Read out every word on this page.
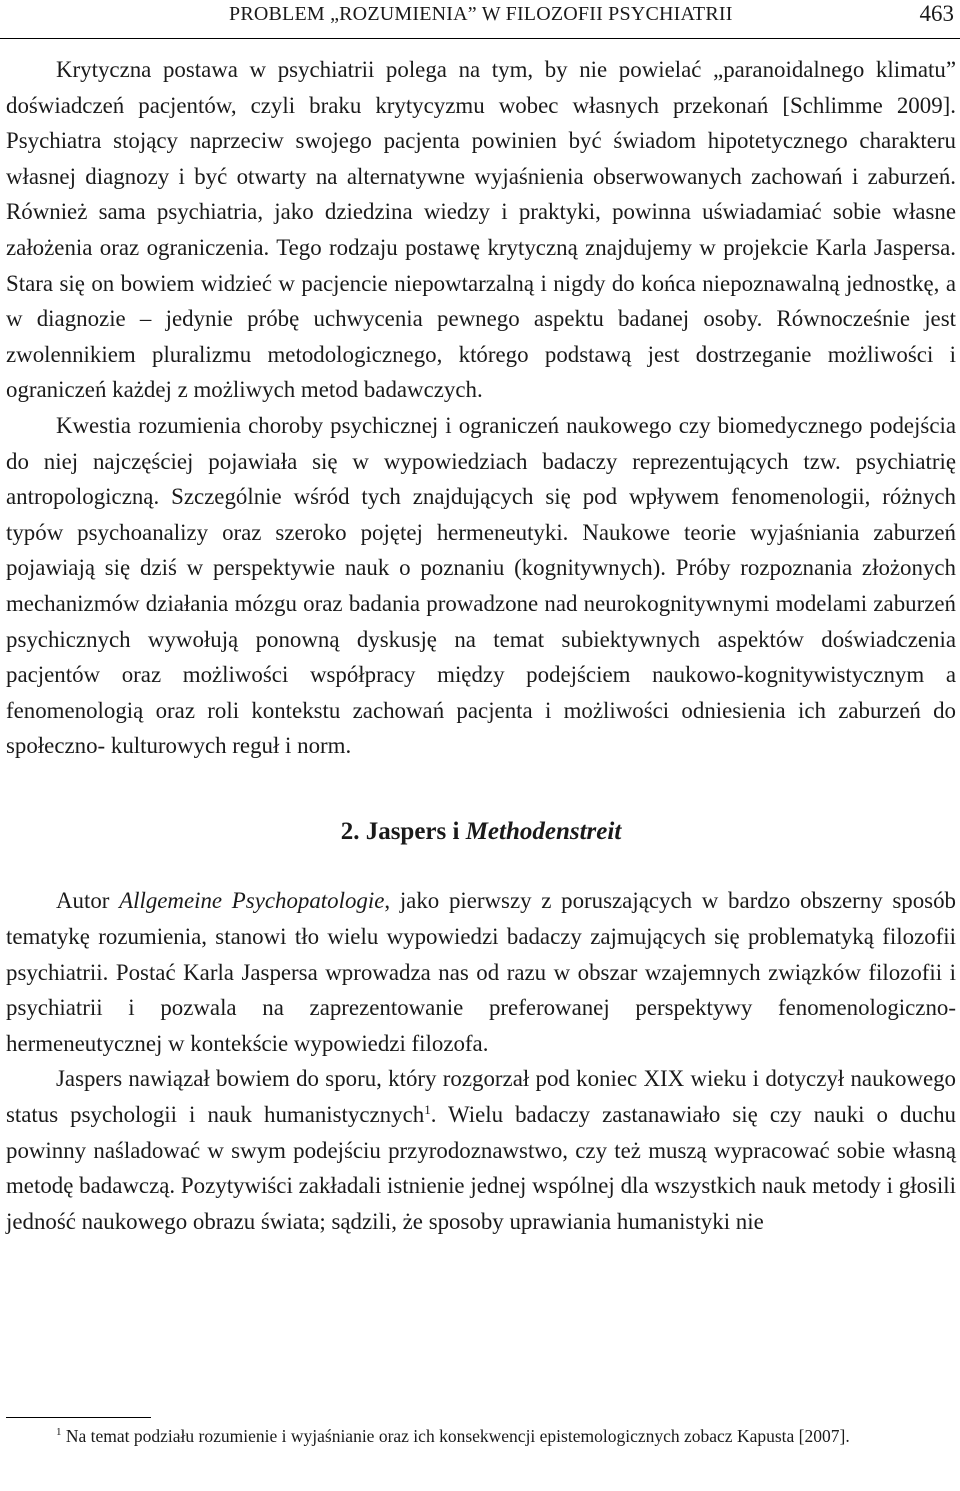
PROBLEM „ROZUMIENIA” W FILOZOFII PSYCHIATRII	463

Krytyczna postawa w psychiatrii polega na tym, by nie powielać „paranoidalnego klimatu” doświadczeń pacjentów, czyli braku krytycyzmu wobec własnych przekonań [Schlimme 2009]. Psychiatra stojący naprzeciw swojego pacjenta powinien być świadom hipotetycznego charakteru własnej diagnozy i być otwarty na alternatywne wyjaśnienia obserwowanych zachowań i zaburzeń. Również sama psychiatria, jako dziedzina wiedzy i praktyki, powinna uświadamiać sobie własne założenia oraz ograniczenia. Tego rodzaju postawę krytyczną znajdujemy w projekcie Karla Jaspersa. Stara się on bowiem widzieć w pacjencie niepowtarzalną i nigdy do końca niepoznawalną jednostkę, a w diagnozie – jedynie próbę uchwycenia pewnego aspektu badanej osoby. Równocześnie jest zwolennikiem pluralizmu metodologicznego, którego podstawą jest dostrzeganie możliwości i ograniczeń każdej z możliwych metod badawczych.

Kwestia rozumienia choroby psychicznej i ograniczeń naukowego czy biomedycznego podejścia do niej najczęściej pojawiała się w wypowiedziach badaczy reprezentujących tzw. psychiatrię antropologiczną. Szczególnie wśród tych znajdujących się pod wpływem fenomenologii, różnych typów psychoanalizy oraz szeroko pojętej hermeneutyki. Naukowe teorie wyjaśniania zaburzeń pojawiają się dziś w perspektywie nauk o poznaniu (kognitywnych). Próby rozpoznania złożonych mechanizmów działania mózgu oraz badania prowadzone nad neurokognitywnymi modelami zaburzeń psychicznych wywołują ponowną dyskusję na temat subiektywnych aspektów doświadczenia pacjentów oraz możliwości współpracy między podejściem naukowo-kognitywistycznym a fenomenologią oraz roli kontekstu zachowań pacjenta i możliwości odniesienia ich zaburzeń do społeczno- kulturowych reguł i norm.

2. Jaspers i Methodenstreit

Autor Allgemeine Psychopatologie, jako pierwszy z poruszających w bardzo obszerny sposób tematykę rozumienia, stanowi tło wielu wypowiedzi badaczy zajmujących się problematyką filozofii psychiatrii. Postać Karla Jaspersa wprowadza nas od razu w obszar wzajemnych związków filozofii i psychiatrii i pozwala na zaprezentowanie preferowanej perspektywy fenomenologiczno-hermeneutycznej w kontekście wypowiedzi filozofa.

Jaspers nawiązał bowiem do sporu, który rozgorzał pod koniec XIX wieku i dotyczył naukowego status psychologii i nauk humanistycznych$^1$. Wielu badaczy zastanawiało się czy nauki o duchu powinny naśladować w swym podejściu przyrodoznawstwo, czy też muszą wypracować sobie własną metodę badawczą. Pozytywiści zakładali istnienie jednej wspólnej dla wszystkich nauk metody i głosili jedność naukowego obrazu świata; sądzili, że sposoby uprawiania humanistyki nie

$^1$ Na temat podziału rozumienie i wyjaśnianie oraz ich konsekwencji epistemologicznych zobacz Kapusta [2007].
